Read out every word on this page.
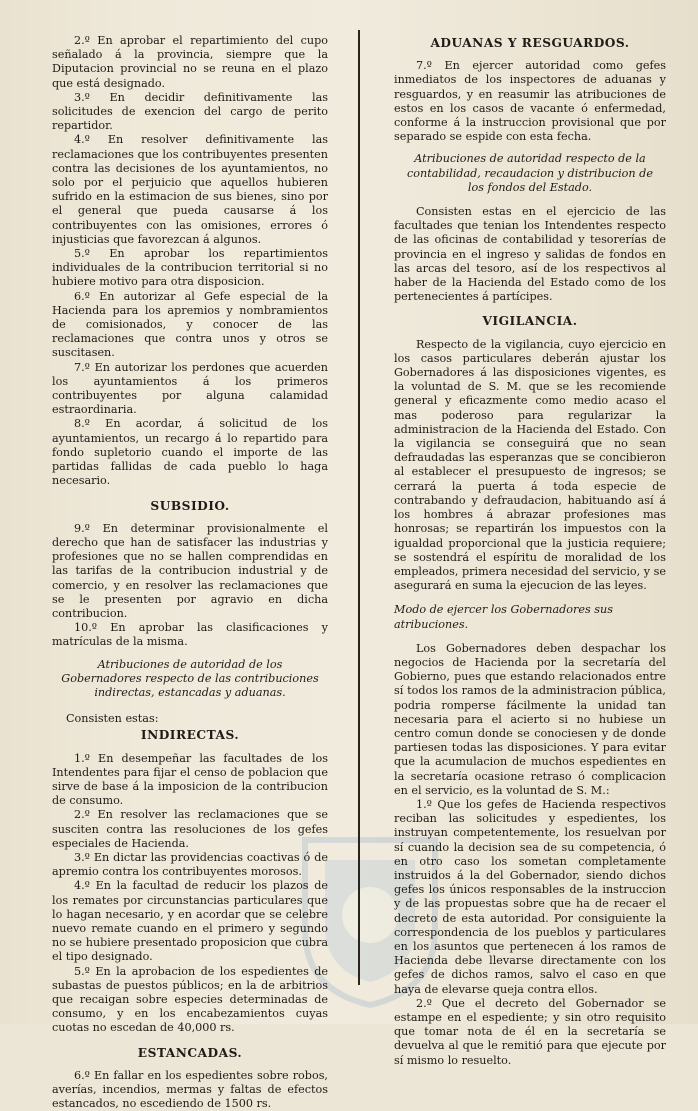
2.º En aprobar el repartimiento del cupo señalado á la provincia, siempre que la Diputacion provincial no se reuna en el plazo que está designado.

3.º En decidir definitivamente las solicitudes de exencion del cargo de perito repartidor.

4.º En resolver definitivamente las reclamaciones que los contribuyentes presenten contra las decisiones de los ayuntamientos, no solo por el perjuicio que aquellos hubieren sufrido en la estimacion de sus bienes, sino por el general que pueda causarse á los contribuyentes con las omisiones, errores ó injusticias que favorezcan á algunos.

5.º En aprobar los repartimientos individuales de la contribucion territorial si no hubiere motivo para otra disposicion.

6.º En autorizar al Gefe especial de la Hacienda para los apremios y nombramientos de comisionados, y conocer de las reclamaciones que contra unos y otros se suscitasen.

7.º En autorizar los perdones que acuerden los ayuntamientos á los primeros contribuyentes por alguna calamidad estraordinaria.

8.º En acordar, á solicitud de los ayuntamientos, un recargo á lo repartido para fondo supletorio cuando el importe de las partidas fallidas de cada pueblo lo haga necesario.

SUBSIDIO.

9.º En determinar provisionalmente el derecho que han de satisfacer las industrias y profesiones que no se hallen comprendidas en las tarifas de la contribucion industrial y de comercio, y en resolver las reclamaciones que se le presenten por agravio en dicha contribucion.

10.º En aprobar las clasificaciones y matrículas de la misma.

Atribuciones de autoridad de los Gobernadores respecto de las contribuciones indirectas, estancadas y aduanas.

Consisten estas:

INDIRECTAS.

1.º En desempeñar las facultades de los Intendentes para fijar el censo de poblacion que sirve de base á la imposicion de la contribucion de consumo.

2.º En resolver las reclamaciones que se susciten contra las resoluciones de los gefes especiales de Hacienda.

3.º En dictar las providencias coactivas ó de apremio contra los contribuyentes morosos.

4.º En la facultad de reducir los plazos de los remates por circunstancias particulares que lo hagan necesario, y en acordar que se celebre nuevo remate cuando en el primero y segundo no se hubiere presentado proposicion que cubra el tipo designado.

5.º En la aprobacion de los espedientes de subastas de puestos públicos; en la de arbitrios que recaigan sobre especies determinadas de consumo, y en los encabezamientos cuyas cuotas no escedan de 40,000 rs.

ESTANCADAS.

6.º En fallar en los espedientes sobre robos, averías, incendios, mermas y faltas de efectos estancados, no escediendo de 1500 rs.

ADUANAS Y RESGUARDOS.

7.º En ejercer autoridad como gefes inmediatos de los inspectores de aduanas y resguardos, y en reasumir las atribuciones de estos en los casos de vacante ó enfermedad, conforme á la instruccion provisional que por separado se espide con esta fecha.

Atribuciones de autoridad respecto de la contabilidad, recaudacion y distribucion de los fondos del Estado.

Consisten estas en el ejercicio de las facultades que tenian los Intendentes respecto de las oficinas de contabilidad y tesorerías de provincia en el ingreso y salidas de fondos en las arcas del tesoro, así de los respectivos al haber de la Hacienda del Estado como de los pertenecientes á partícipes.

VIGILANCIA.

Respecto de la vigilancia, cuyo ejercicio en los casos particulares deberán ajustar los Gobernadores á las disposiciones vigentes, es la voluntad de S. M. que se les recomiende general y eficazmente como medio acaso el mas poderoso para regularizar la administracion de la Hacienda del Estado. Con la vigilancia se conseguirá que no sean defraudadas las esperanzas que se concibieron al establecer el presupuesto de ingresos; se cerrará la puerta á toda especie de contrabando y defraudacion, habituando así á los hombres á abrazar profesiones mas honrosas; se repartirán los impuestos con la igualdad proporcional que la justicia requiere; se sostendrá el espíritu de moralidad de los empleados, primera necesidad del servicio, y se asegurará en suma la ejecucion de las leyes.

Modo de ejercer los Gobernadores sus atribuciones.

Los Gobernadores deben despachar los negocios de Hacienda por la secretaría del Gobierno, pues que estando relacionados entre sí todos los ramos de la administracion pública, podria romperse fácilmente la unidad tan necesaria para el acierto si no hubiese un centro comun donde se conociesen y de donde partiesen todas las disposiciones. Y para evitar que la acumulacion de muchos espedientes en la secretaría ocasione retraso ó complicacion en el servicio, es la voluntad de S. M.:

1.º Que los gefes de Hacienda respectivos reciban las solicitudes y espedientes, los instruyan competentemente, los resuelvan por sí cuando la decision sea de su competencia, ó en otro caso los sometan completamente instruidos á la del Gobernador, siendo dichos gefes los únicos responsables de la instruccion y de las propuestas sobre que ha de recaer el decreto de esta autoridad. Por consiguiente la correspondencia de los pueblos y particulares en los asuntos que pertenecen á los ramos de Hacienda debe llevarse directamente con los gefes de dichos ramos, salvo el caso en que haya de elevarse queja contra ellos.

2.º Que el decreto del Gobernador se estampe en el espediente; y sin otro requisito que tomar nota de él en la secretaría se devuelva al que le remitió para que ejecute por sí mismo lo resuelto.
